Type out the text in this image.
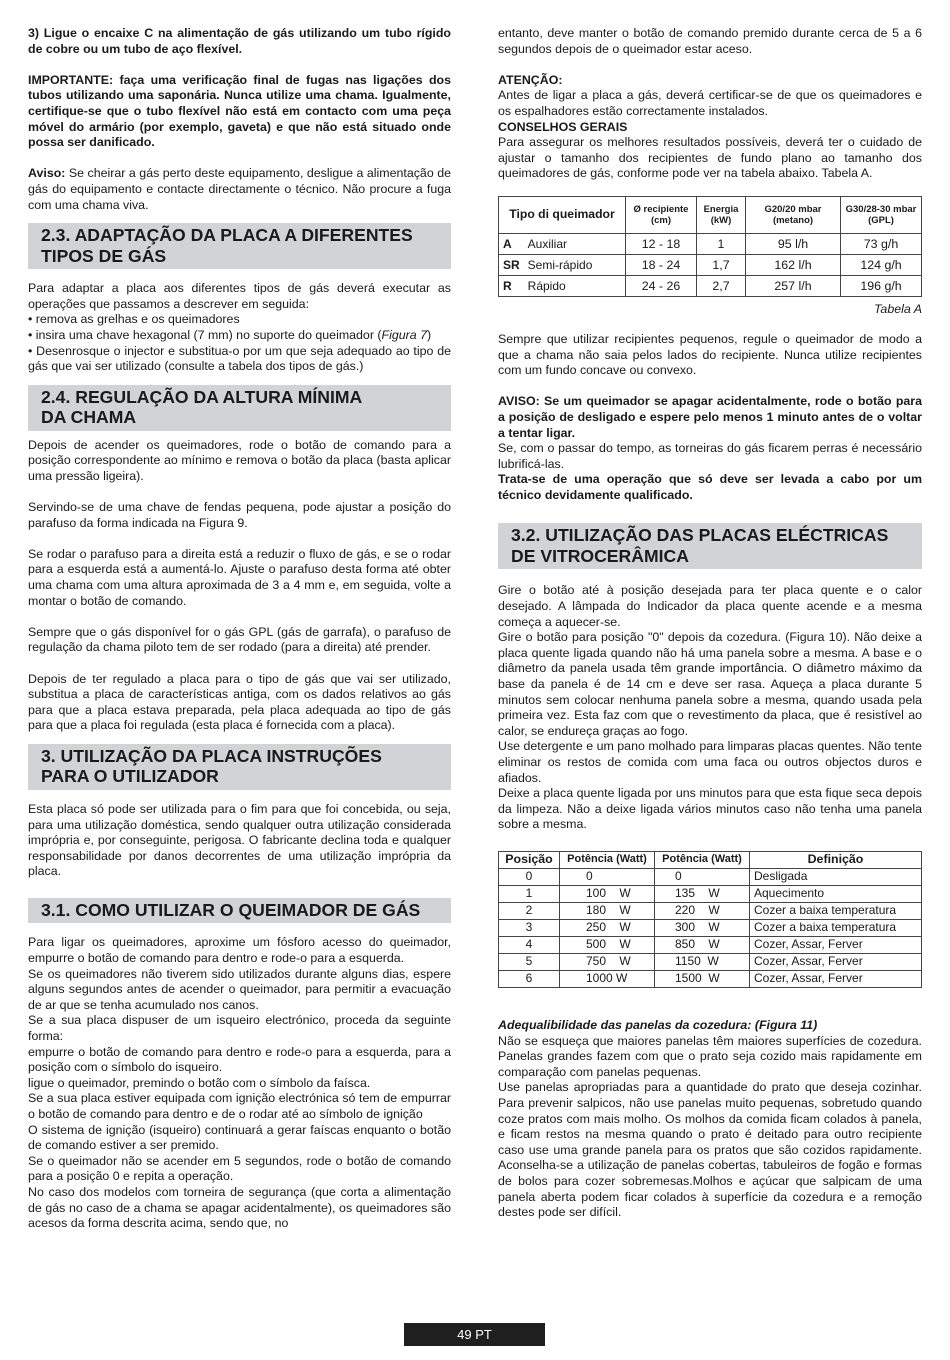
3) Ligue o encaixe C na alimentação de gás utilizando um tubo rígido de cobre ou um tubo de aço flexível.

IMPORTANTE: faça uma verificação final de fugas nas ligações dos tubos utilizando uma saponária. Nunca utilize uma chama. Igualmente, certifique-se que o tubo flexível não está em contacto com uma peça móvel do armário (por exemplo, gaveta) e que não está situado onde possa ser danificado.

Aviso: Se cheirar a gás perto deste equipamento, desligue a alimentação de gás do equipamento e contacte directamente o técnico. Não procure a fuga com uma chama viva.

2.3. ADAPTAÇÃO DA PLACA A DIFERENTES
TIPOS DE GÁS

Para adaptar a placa aos diferentes tipos de gás deverá executar as operações que passamos a descrever em seguida:

• remova as grelhas e os queimadores

• insira uma chave hexagonal (7 mm) no suporte do queimador (Figura 7)

• Desenrosque o injector e substitua-o por um que seja adequado ao tipo de gás que vai ser utilizado (consulte a tabela dos tipos de gás.)

2.4. REGULAÇÃO DA ALTURA MÍNIMA
DA CHAMA

Depois de acender os queimadores, rode o botão de comando para a posição correspondente ao mínimo e remova o botão da placa (basta aplicar uma pressão ligeira).

Servindo-se de uma chave de fendas pequena, pode ajustar a posição do parafuso da forma indicada na Figura 9.

Se rodar o parafuso para a direita está a reduzir o fluxo de gás, e se o rodar para a esquerda está a aumentá-lo. Ajuste o parafuso desta forma até obter uma chama com uma altura aproximada de 3 a 4 mm e, em seguida, volte a montar o botão de comando.

Sempre que o gás disponível for o gás GPL (gás de garrafa), o parafuso de regulação da chama piloto tem de ser rodado (para a direita) até prender.

Depois de ter regulado a placa para o tipo de gás que vai ser utilizado, substitua a placa de características antiga, com os dados relativos ao gás para que a placa estava preparada, pela placa adequada ao tipo de gás para que a placa foi regulada (esta placa é fornecida com a placa).

3. UTILIZAÇÃO DA PLACA INSTRUÇÕES
PARA O UTILIZADOR

Esta placa só pode ser utilizada para o fim para que foi concebida, ou seja, para uma utilização doméstica, sendo qualquer outra utilização considerada imprópria e, por conseguinte, perigosa. O fabricante declina toda e qualquer responsabilidade por danos decorrentes de uma utilização imprópria da placa.

3.1. COMO UTILIZAR O QUEIMADOR DE GÁS

Para ligar os queimadores, aproxime um fósforo acesso do queimador, empurre o botão de comando para dentro e rode-o para a esquerda.

Se os queimadores não tiverem sido utilizados durante alguns dias, espere alguns segundos antes de acender o queimador, para permitir a evacuação de ar que se tenha acumulado nos canos.

Se a sua placa dispuser de um isqueiro electrónico, proceda da seguinte forma:

empurre o botão de comando para dentro e rode-o para a esquerda, para a posição com o símbolo do isqueiro.

ligue o queimador, premindo o botão com o símbolo da faísca.

Se a sua placa estiver equipada com ignição electrónica só tem de empurrar o botão de comando para dentro e de o rodar até ao símbolo de ignição

O sistema de ignição (isqueiro) continuará a gerar faíscas enquanto o botão de comando estiver a ser premido.

Se o queimador não se acender em 5 segundos, rode o botão de comando para a posição 0 e repita a operação.

No caso dos modelos com torneira de segurança (que corta a alimentação de gás no caso de a chama se apagar acidentalmente), os queimadores são acesos da forma descrita acima, sendo que, no

entanto, deve manter o botão de comando premido durante cerca de 5 a 6 segundos depois de o queimador estar aceso.

ATENÇÃO:

Antes de ligar a placa a gás, deverá certificar-se de que os queimadores e os espalhadores estão correctamente instalados.

CONSELHOS GERAIS

Para assegurar os melhores resultados possíveis, deverá ter o cuidado de ajustar o tamanho dos recipientes de fundo plano ao tamanho dos queimadores de gás, conforme pode ver na tabela abaixo. Tabela A.

Tipo di queimador		Ø recipiente (cm)	Energia (kW)	G20/20 mbar (metano)	G30/28-30 mbar (GPL)
A	Auxiliar	12 - 18	1	95 l/h	73 g/h
SR	Semi-rápido	18 - 24	1,7	162 l/h	124 g/h
R	Rápido	24 - 26	2,7	257 l/h	196 g/h
Tabela A

Sempre que utilizar recipientes pequenos, regule o queimador de modo a que a chama não saia pelos lados do recipiente. Nunca utilize recipientes com um fundo concave ou convexo.

AVISO: Se um queimador se apagar acidentalmente, rode o botão para a posição de desligado e espere pelo menos 1 minuto antes de o voltar a tentar ligar.

Se, com o passar do tempo, as torneiras do gás ficarem perras é necessário lubrificá-las.

Trata-se de uma operação que só deve ser levada a cabo por um técnico devidamente qualificado.

3.2. UTILIZAÇÃO DAS PLACAS ELÉCTRICAS
DE VITROCERÂMICA

Gire o botão até à posição desejada para ter placa quente e o calor desejado. A lâmpada do Indicador da placa quente acende e a mesma começa a aquecer-se.

Gire o botão para posição "0" depois da cozedura. (Figura 10). Não deixe a placa quente ligada quando não há uma panela sobre a mesma. A base e o diâmetro da panela usada têm grande importância. O diâmetro máximo da base da panela é de 14 cm e deve ser rasa. Aqueça a placa durante 5 minutos sem colocar nenhuma panela sobre a mesma, quando usada pela primeira vez. Esta faz com que o revestimento da placa, que é resistível ao calor, se endureça graças ao fogo.

Use detergente e um pano molhado para limparas placas quentes. Não tente eliminar os restos de comida com uma faca ou outros objectos duros e afiados.

Deixe a placa quente ligada por uns minutos para que esta fique seca depois da limpeza. Não a deixe ligada vários minutos caso não tenha uma panela sobre a mesma.

Posição	Potência (Watt)	Potência (Watt)	Definição
0	0	0	Desligada
1	100    W	135    W	Aquecimento
2	180    W	220    W	Cozer a baixa temperatura
3	250    W	300    W	Cozer a baixa temperatura
4	500    W	850    W	Cozer, Assar, Ferver
5	750    W	1150  W	Cozer, Assar, Ferver
6	1000 W	1500  W	Cozer, Assar, Ferver

Adequalibilidade das panelas da cozedura: (Figura 11)

Não se esqueça que maiores panelas têm maiores superfícies de cozedura. Panelas grandes fazem com que o prato seja cozido mais rapidamente em comparação com panelas pequenas.

Use panelas apropriadas para a quantidade do prato que deseja cozinhar. Para prevenir salpicos, não use panelas muito pequenas, sobretudo quando coze pratos com mais molho. Os molhos da comida ficam colados à panela, e ficam restos na mesma quando o prato é deitado para outro recipiente caso use uma grande panela para os pratos que são cozidos rapidamente. Aconselha-se a utilização de panelas cobertas, tabuleiros de fogão e formas de bolos para cozer sobremesas.Molhos e açúcar que salpicam de uma panela aberta podem ficar colados à superfície da cozedura e a remoção destes pode ser difícil.

49 PT
